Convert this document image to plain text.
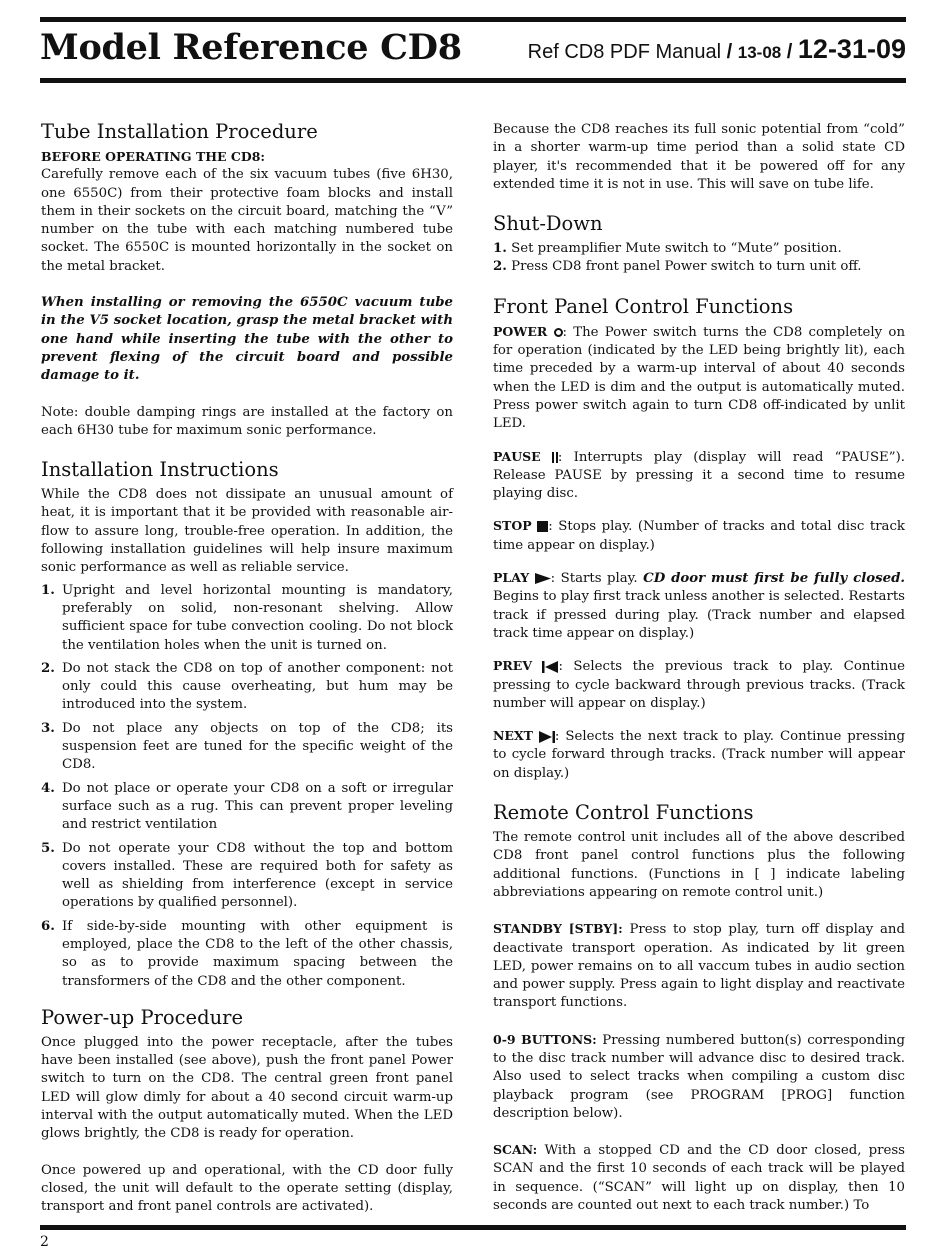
Model Reference CD8	Ref CD8 PDF Manual / 13-08 / 12-31-09
Tube Installation Procedure
BEFORE OPERATING THE CD8:

Carefully remove each of the six vacuum tubes (five 6H30, one 6550C) from their protective foam blocks and install them in their sockets on the circuit board, matching the “V” number on the tube with each matching numbered tube socket. The 6550C is mounted horizontally in the socket on the metal bracket.

When installing or removing the 6550C vacuum tube in the V5 socket location, grasp the metal bracket with one hand while inserting the tube with the other to prevent flexing of the circuit board and possible damage to it.

Note: double damping rings are installed at the factory on each 6H30 tube for maximum sonic performance.

Installation Instructions

While the CD8 does not dissipate an unusual amount of heat, it is important that it be provided with reasonable air-flow to assure long, trouble-free operation. In addition, the following installation guidelines will help insure maximum sonic performance as well as reliable service.

1. Upright and level horizontal mounting is mandatory, preferably on solid, non-resonant shelving. Allow sufficient space for tube convection cooling. Do not block the ventilation holes when the unit is turned on.
2. Do not stack the CD8 on top of another component: not only could this cause overheating, but hum may be introduced into the system.
3. Do not place any objects on top of the CD8; its suspension feet are tuned for the specific weight of the CD8.
4. Do not place or operate your CD8 on a soft or irregular surface such as a rug. This can prevent proper leveling and restrict ventilation
5. Do not operate your CD8 without the top and bottom covers installed. These are required both for safety as well as shielding from interference (except in service operations by qualified personnel).
6. If side-by-side mounting with other equipment is employed, place the CD8 to the left of the other chassis, so as to provide maximum spacing between the transformers of the CD8 and the other component.
Power-up Procedure

Once plugged into the power receptacle, after the tubes have been installed (see above), push the front panel Power switch to turn on the CD8. The central green front panel LED will glow dimly for about a 40 second circuit warm-up interval with the output automatically muted. When the LED glows brightly, the CD8 is ready for operation.

Once powered up and operational, with the CD door fully closed, the unit will default to the operate setting (display, transport and front panel controls are activated).

Because the CD8 reaches its full sonic potential from “cold” in a shorter warm-up time period than a solid state CD player, it's recommended that it be powered off for any extended time it is not in use. This will save on tube life.

Shut-Down
1. Set preamplifier Mute switch to “Mute” position.
2. Press CD8 front panel Power switch to turn unit off.
Front Panel Control Functions

POWER : The Power switch turns the CD8 completely on for operation (indicated by the LED being brightly lit), each time preceded by a warm-up interval of about 40 seconds when the LED is dim and the output is automatically muted. Press power switch again to turn CD8 off-indicated by unlit LED.

PAUSE : Interrupts play (display will read “PAUSE”). Release PAUSE by pressing it a second time to resume playing disc.

STOP : Stops play. (Number of tracks and total disc track time appear on display.)

PLAY : Starts play. CD door must first be fully closed. Begins to play first track unless another is selected. Restarts track if pressed during play. (Track number and elapsed track time appear on display.)

PREV : Selects the previous track to play. Continue pressing to cycle backward through previous tracks. (Track number will appear on display.)

NEXT : Selects the next track to play. Continue pressing to cycle forward through tracks. (Track number will appear on display.)

Remote Control Functions

The remote control unit includes all of the above described CD8 front panel control functions plus the following additional functions. (Functions in [ ] indicate labeling abbreviations appearing on remote control unit.)

STANDBY [STBY]: Press to stop play, turn off display and deactivate transport operation. As indicated by lit green LED, power remains on to all vaccum tubes in audio section and power supply. Press again to light display and reactivate transport functions.

0-9 BUTTONS: Pressing numbered button(s) corresponding to the disc track number will advance disc to desired track. Also used to select tracks when compiling a custom disc playback program (see PROGRAM [PROG] function description below).

SCAN: With a stopped CD and the CD door closed, press SCAN and the first 10 seconds of each track will be played in sequence. (“SCAN” will light up on display, then 10 seconds are counted out next to each track number.) To

2
